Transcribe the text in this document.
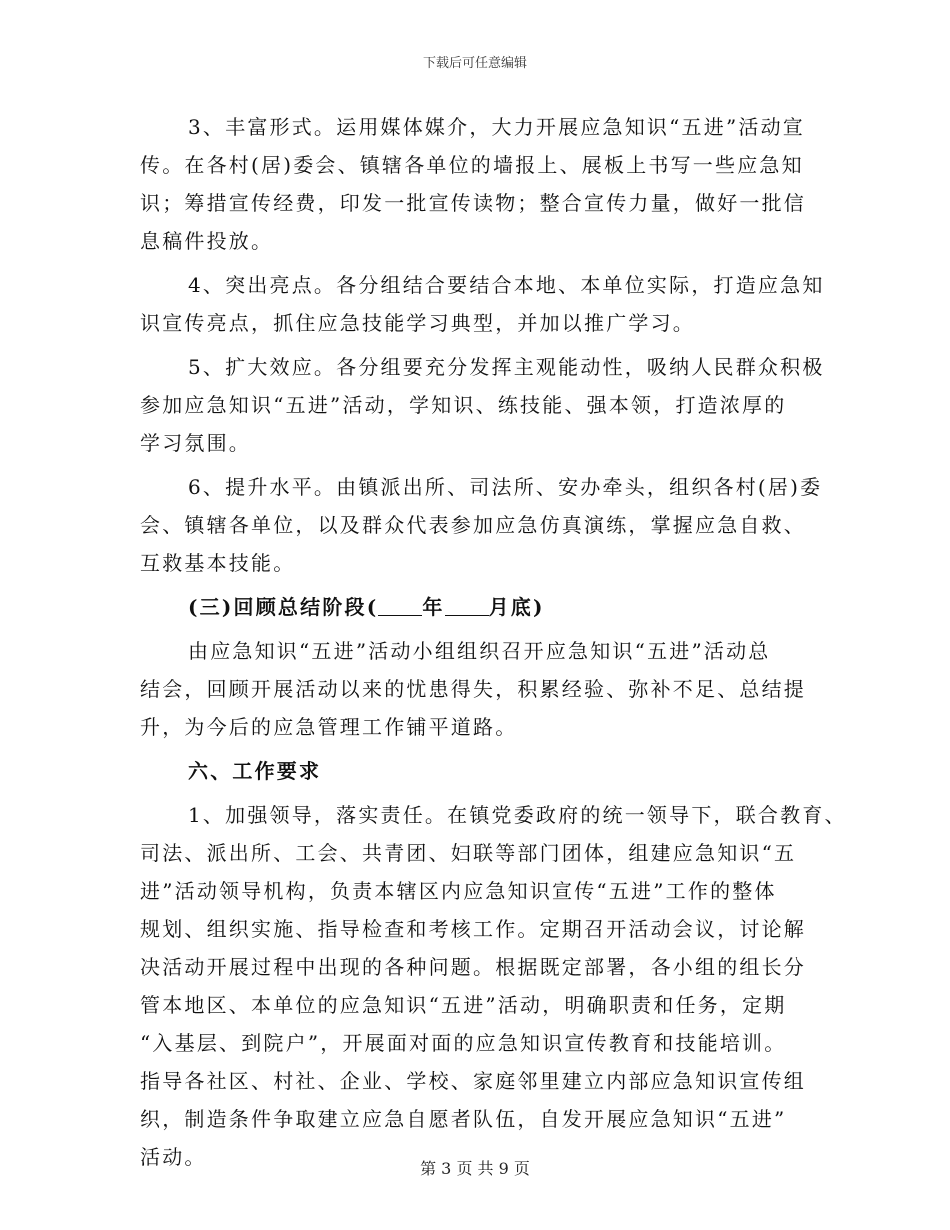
下载后可任意编辑
3、丰富形式。运用媒体媒介，大力开展应急知识“五进”活动宣
传。在各村(居)委会、镇辖各单位的墙报上、展板上书写一些应急知
识；筹措宣传经费，印发一批宣传读物；整合宣传力量，做好一批信
息稿件投放。
4、突出亮点。各分组结合要结合本地、本单位实际，打造应急知
识宣传亮点，抓住应急技能学习典型，并加以推广学习。
5、扩大效应。各分组要充分发挥主观能动性，吸纳人民群众积极
参加应急知识“五进”活动，学知识、练技能、强本领，打造浓厚的
学习氛围。
6、提升水平。由镇派出所、司法所、安办牵头，组织各村(居)委
会、镇辖各单位，以及群众代表参加应急仿真演练，掌握应急自救、
互救基本技能。
(三)回顾总结阶段( 年 月底)
由应急知识“五进”活动小组组织召开应急知识“五进”活动总
结会，回顾开展活动以来的忧患得失，积累经验、弥补不足、总结提
升，为今后的应急管理工作铺平道路。
六、工作要求
1、加强领导，落实责任。在镇党委政府的统一领导下，联合教育、
司法、派出所、工会、共青团、妇联等部门团体，组建应急知识“五
进”活动领导机构，负责本辖区内应急知识宣传“五进”工作的整体
规划、组织实施、指导检查和考核工作。定期召开活动会议，讨论解
决活动开展过程中出现的各种问题。根据既定部署，各小组的组长分
管本地区、本单位的应急知识“五进”活动，明确职责和任务，定期
“入基层、到院户”，开展面对面的应急知识宣传教育和技能培训。
指导各社区、村社、企业、学校、家庭邻里建立内部应急知识宣传组
织，制造条件争取建立应急自愿者队伍，自发开展应急知识“五进”
活动。	第 3 页 共 9 页
